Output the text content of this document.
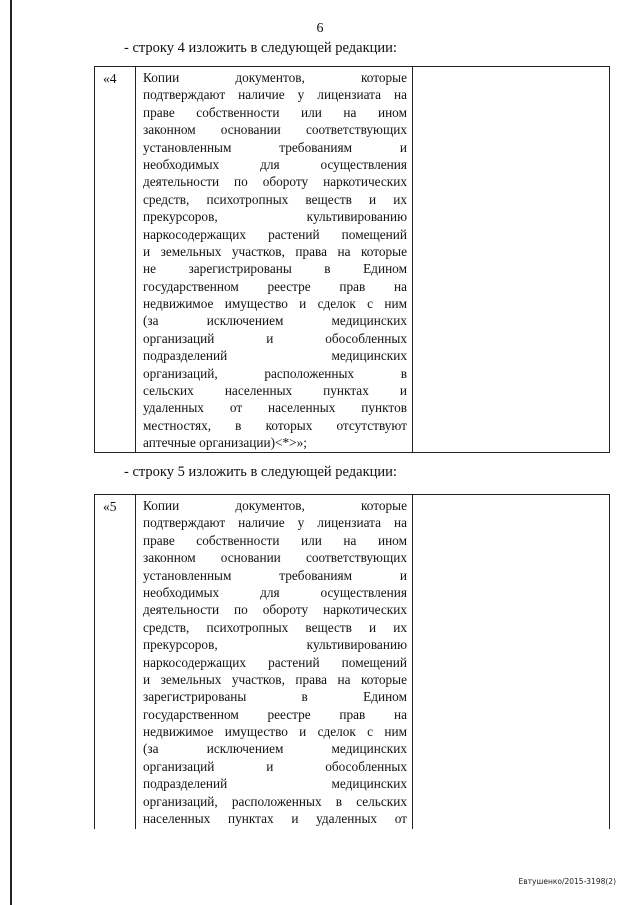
6
- строку 4 изложить в следующей редакции:
«4	Копии документов, которые
подтверждают наличие у лицензиата на
праве собственности или на ином
законном основании соответствующих
установленным требованиям и
необходимых для осуществления
деятельности по обороту наркотических
средств, психотропных веществ и их
прекурсоров, культивированию
наркосодержащих растений помещений
и земельных участков, права на которые
не зарегистрированы в Едином
государственном реестре прав на
недвижимое имущество и сделок с ним
(за исключением медицинских
организаций и обособленных
подразделений медицинских
организаций, расположенных в
сельских населенных пунктах и
удаленных от населенных пунктов
местностях, в которых отсутствуют
аптечные организации)<*>»;
- строку 5 изложить в следующей редакции:
«5	Копии документов, которые
подтверждают наличие у лицензиата на
праве собственности или на ином
законном основании соответствующих
установленным требованиям и
необходимых для осуществления
деятельности по обороту наркотических
средств, психотропных веществ и их
прекурсоров, культивированию
наркосодержащих растений помещений
и земельных участков, права на которые
зарегистрированы в Едином
государственном реестре прав на
недвижимое имущество и сделок с ним
(за исключением медицинских
организаций и обособленных
подразделений медицинских
организаций, расположенных в сельских
населенных пунктах и удаленных от
Евтушенко/2015-3198(2)
